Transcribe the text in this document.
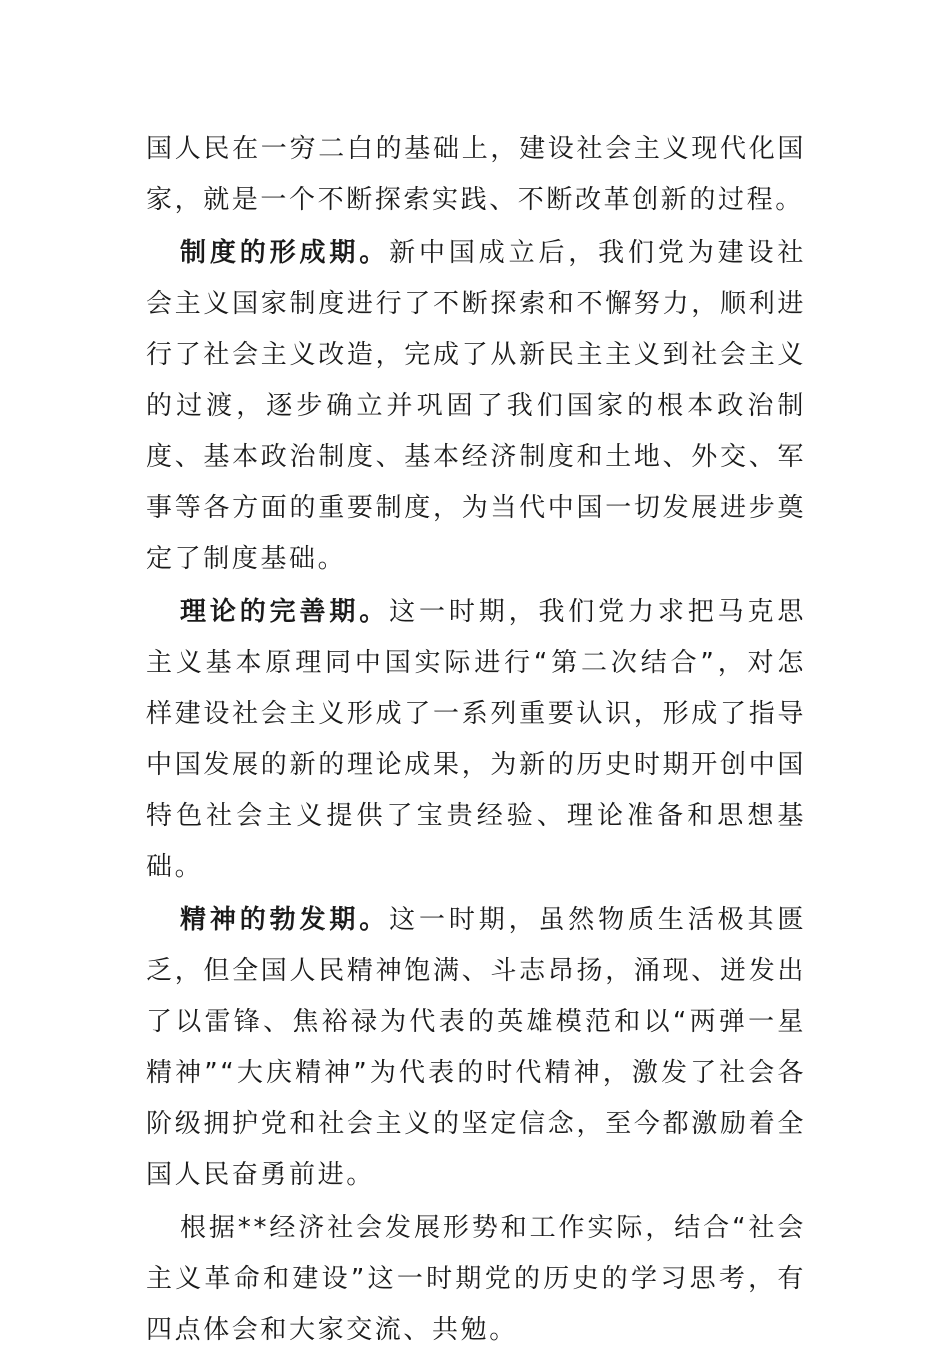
国人民在一穷二白的基础上，建设社会主义现代化国家，就是一个不断探索实践、不断改革创新的过程。

制度的形成期。新中国成立后，我们党为建设社会主义国家制度进行了不断探索和不懈努力，顺利进行了社会主义改造，完成了从新民主主义到社会主义的过渡，逐步确立并巩固了我们国家的根本政治制度、基本政治制度、基本经济制度和土地、外交、军事等各方面的重要制度，为当代中国一切发展进步奠定了制度基础。

理论的完善期。这一时期，我们党力求把马克思主义基本原理同中国实际进行“第二次结合”，对怎样建设社会主义形成了一系列重要认识，形成了指导中国发展的新的理论成果，为新的历史时期开创中国特色社会主义提供了宝贵经验、理论准备和思想基础。

精神的勃发期。这一时期，虽然物质生活极其匮乏，但全国人民精神饱满、斗志昂扬，涌现、迸发出了以雷锋、焦裕禄为代表的英雄模范和以“两弹一星精神”“大庆精神”为代表的时代精神，激发了社会各阶级拥护党和社会主义的坚定信念，至今都激励着全国人民奋勇前进。

根据**经济社会发展形势和工作实际，结合“社会主义革命和建设”这一时期党的历史的学习思考，有四点体会和大家交流、共勉。
